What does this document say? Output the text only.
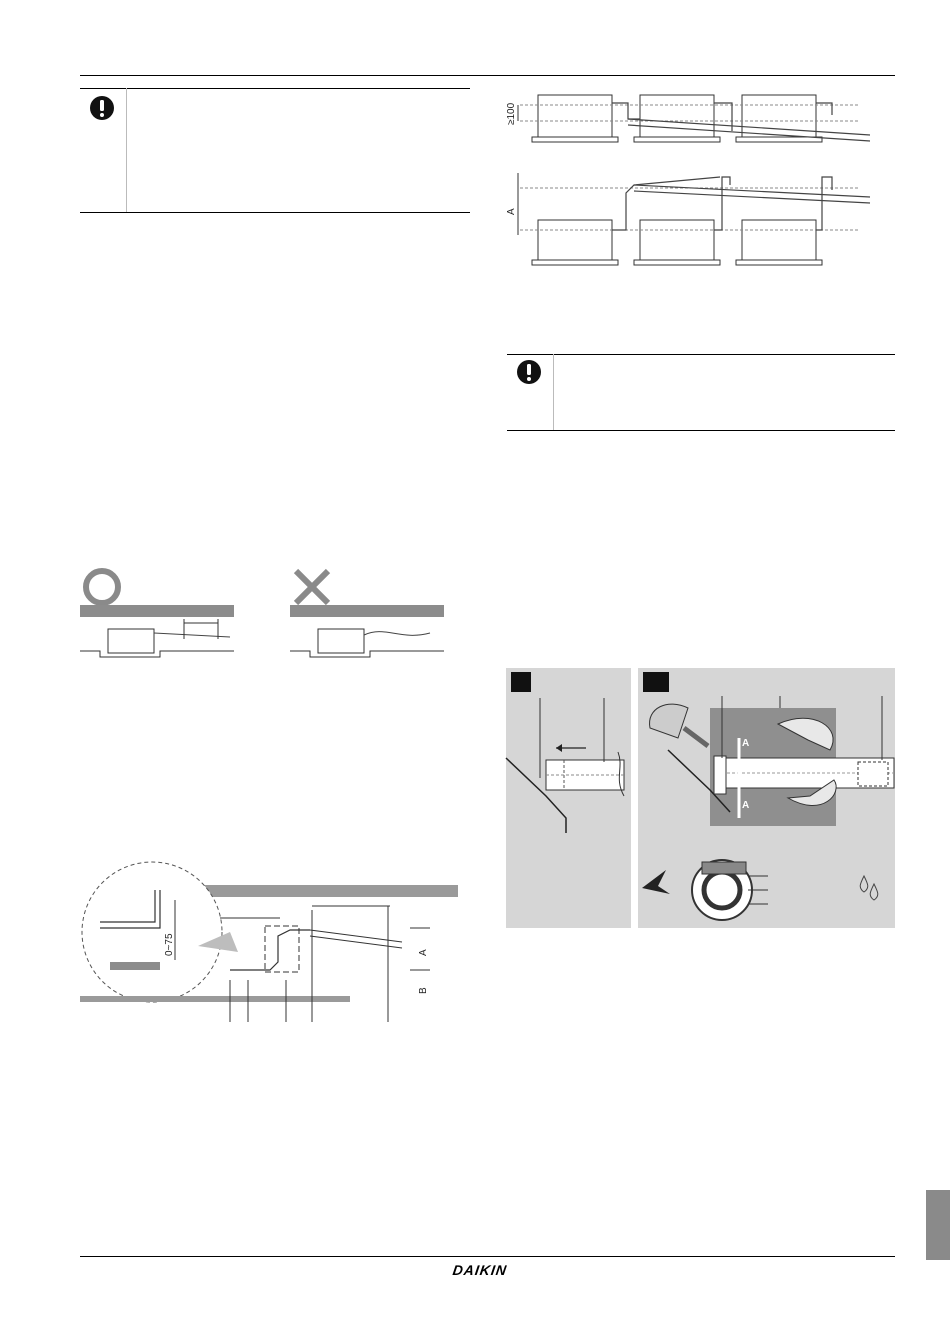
≥100
A
0~75	A
B
A
A
DAIKIN
